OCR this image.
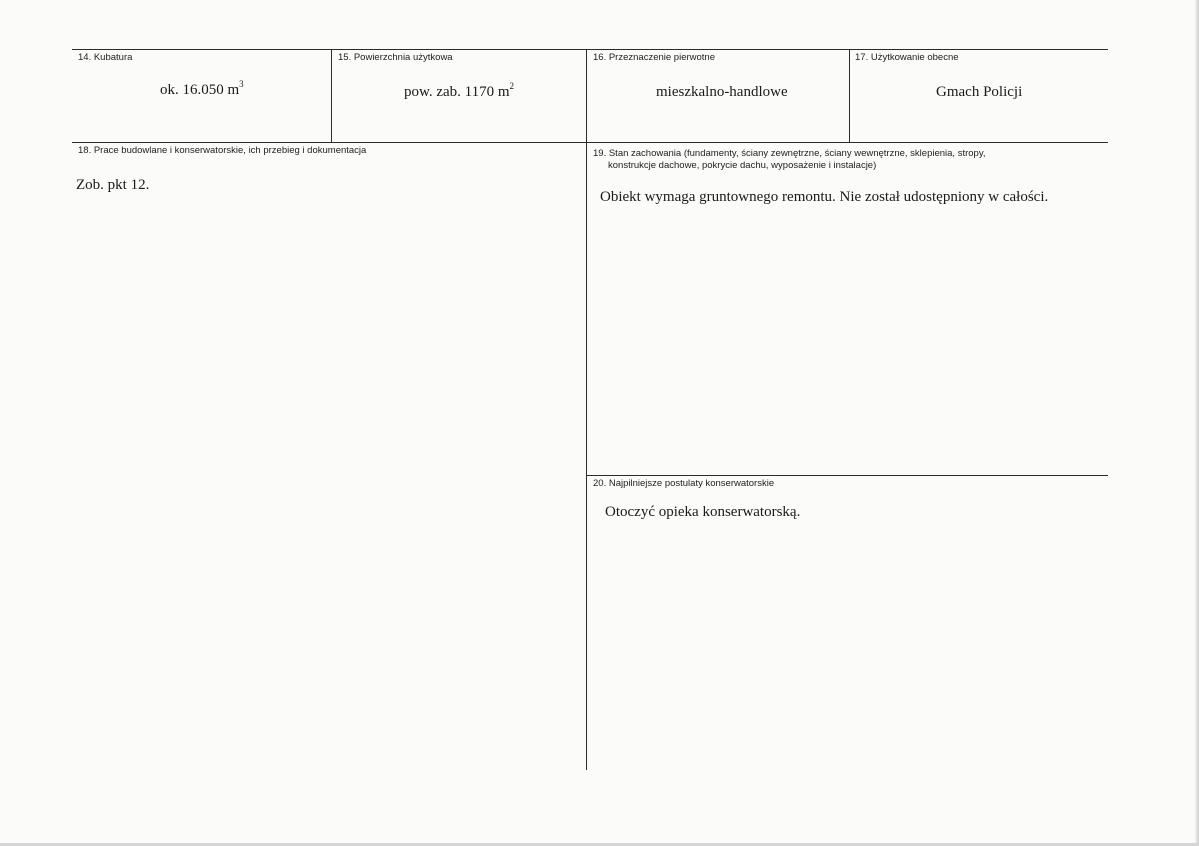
14. Kubatura
ok. 16.050 $m^3$
15. Powierzchnia użytkowa
pow. zab. 1170 $m^2$
16. Przeznaczenie pierwotne
mieszkalno-handlowe
17. Użytkowanie obecne
Gmach Policji
18. Prace budowlane i konserwatorskie, ich przebieg i dokumentacja
Zob. pkt 12.
19. Stan zachowania (fundamenty, ściany zewnętrzne, ściany wewnętrzne, sklepienia, stropy,
konstrukcje dachowe, pokrycie dachu, wyposażenie i instalacje)
Obiekt wymaga gruntownego remontu. Nie został udostępniony w całości.
20. Najpilniejsze postulaty konserwatorskie
Otoczyć opieka konserwatorską.
